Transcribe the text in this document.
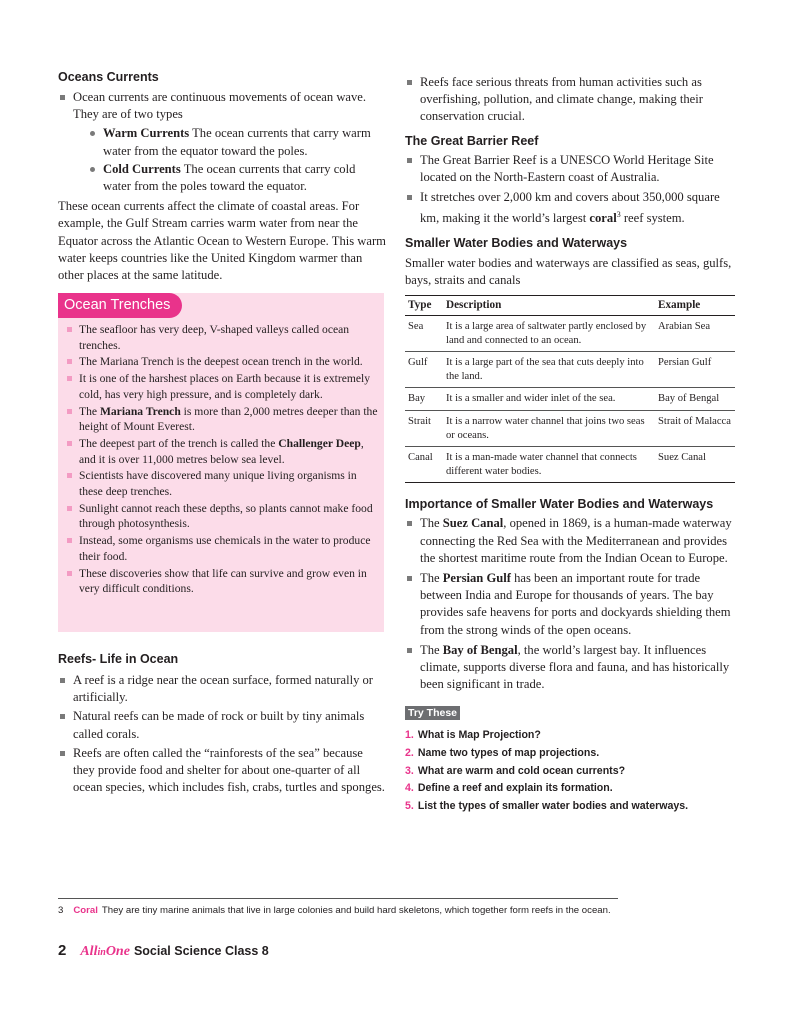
Oceans Currents
Ocean currents are continuous movements of ocean wave. They are of two types
Warm Currents The ocean currents that carry warm water from the equator toward the poles.
Cold Currents The ocean currents that carry cold water from the poles toward the equator.

These ocean currents affect the climate of coastal areas. For example, the Gulf Stream carries warm water from near the Equator across the Atlantic Ocean to Western Europe. This warm water keeps countries like the United Kingdom warmer than other places at the same latitude.

Ocean Trenches
The seafloor has very deep, V-shaped valleys called ocean trenches.
The Mariana Trench is the deepest ocean trench in the world.
It is one of the harshest places on Earth because it is extremely cold, has very high pressure, and is completely dark.
The Mariana Trench is more than 2,000 metres deeper than the height of Mount Everest.
The deepest part of the trench is called the Challenger Deep, and it is over 11,000 metres below sea level.
Scientists have discovered many unique living organisms in these deep trenches.
Sunlight cannot reach these depths, so plants cannot make food through photosynthesis.
Instead, some organisms use chemicals in the water to produce their food.
These discoveries show that life can survive and grow even in very difficult conditions.
Reefs- Life in Ocean
A reef is a ridge near the ocean surface, formed naturally or artificially.
Natural reefs can be made of rock or built by tiny animals called corals.
Reefs are often called the “rainforests of the sea” because they provide food and shelter for about one-quarter of all ocean species, which includes fish, crabs, turtles and sponges.
Reefs face serious threats from human activities such as overfishing, pollution, and climate change, making their conservation crucial.
The Great Barrier Reef
The Great Barrier Reef is a UNESCO World Heritage Site located on the North-Eastern coast of Australia.
It stretches over 2,000 km and covers about 350,000 square km, making it the world’s largest coral$^3$ reef system.
Smaller Water Bodies and Waterways

Smaller water bodies and waterways are classified as seas, gulfs, bays, straits and canals

Type	Description	Example
Sea	It is a large area of saltwater partly enclosed by land and connected to an ocean.	Arabian Sea
Gulf	It is a large part of the sea that cuts deeply into the land.	Persian Gulf
Bay	It is a smaller and wider inlet of the sea.	Bay of Bengal
Strait	It is a narrow water channel that joins two seas or oceans.	Strait of Malacca
Canal	It is a man-made water channel that connects different water bodies.	Suez Canal
Importance of Smaller Water Bodies and Waterways
The Suez Canal, opened in 1869, is a human-made waterway connecting the Red Sea with the Mediterranean and provides the shortest maritime route from the Indian Ocean to Europe.
The Persian Gulf has been an important route for trade between India and Europe for thousands of years. The bay provides safe heavens for ports and dockyards shielding them from the strong winds of the open oceans.
The Bay of Bengal, the world’s largest bay. It influences climate, supports diverse flora and fauna, and has historically been significant in trade.
Try These
1. What is Map Projection?
2. Name two types of map projections.
3. What are warm and cold ocean currents?
4. Define a reef and explain its formation.
5. List the types of smaller water bodies and waterways.
3 Coral They are tiny marine animals that live in large colonies and build hard skeletons, which together form reefs in the ocean.
2 AllinOne Social Science Class 8
